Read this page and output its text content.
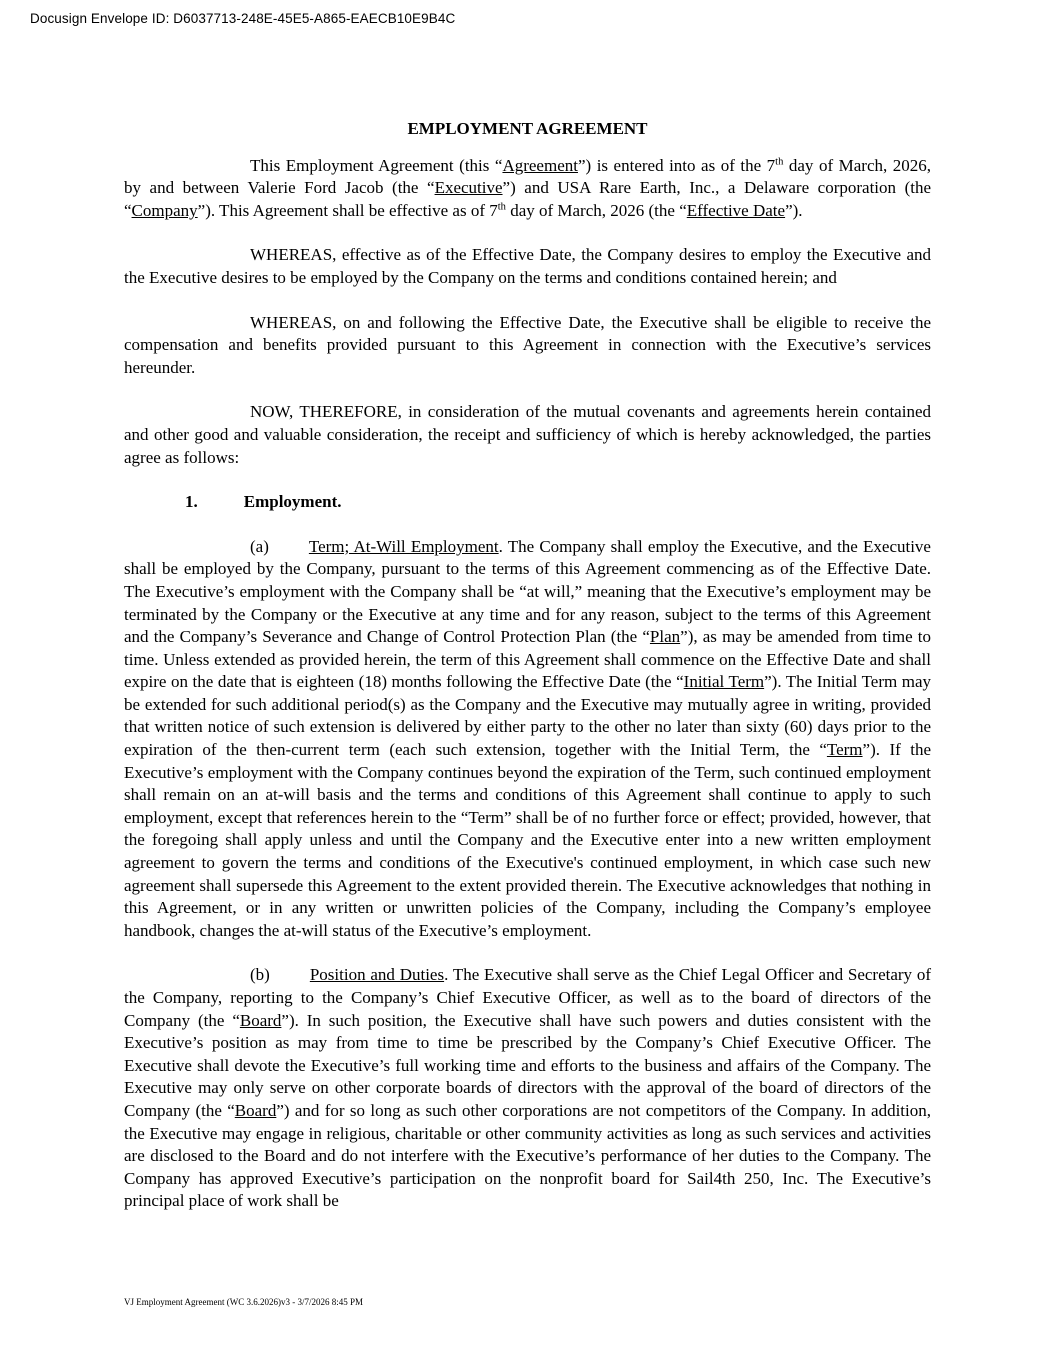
Docusign Envelope ID: D6037713-248E-45E5-A865-EAECB10E9B4C
EMPLOYMENT AGREEMENT

This Employment Agreement (this “Agreement”) is entered into as of the 7th day of March, 2026, by and between Valerie Ford Jacob (the “Executive”) and USA Rare Earth, Inc., a Delaware corporation (the “Company”). This Agreement shall be effective as of 7th day of March, 2026 (the “Effective Date”).

WHEREAS, effective as of the Effective Date, the Company desires to employ the Executive and the Executive desires to be employed by the Company on the terms and conditions contained herein; and

WHEREAS, on and following the Effective Date, the Executive shall be eligible to receive the compensation and benefits provided pursuant to this Agreement in connection with the Executive’s services hereunder.

NOW, THEREFORE, in consideration of the mutual covenants and agreements herein contained and other good and valuable consideration, the receipt and sufficiency of which is hereby acknowledged, the parties agree as follows:

1.	Employment.

(a) Term; At-Will Employment. The Company shall employ the Executive, and the Executive shall be employed by the Company, pursuant to the terms of this Agreement commencing as of the Effective Date. The Executive’s employment with the Company shall be “at will,” meaning that the Executive’s employment may be terminated by the Company or the Executive at any time and for any reason, subject to the terms of this Agreement and the Company’s Severance and Change of Control Protection Plan (the “Plan”), as may be amended from time to time. Unless extended as provided herein, the term of this Agreement shall commence on the Effective Date and shall expire on the date that is eighteen (18) months following the Effective Date (the “Initial Term”). The Initial Term may be extended for such additional period(s) as the Company and the Executive may mutually agree in writing, provided that written notice of such extension is delivered by either party to the other no later than sixty (60) days prior to the expiration of the then-current term (each such extension, together with the Initial Term, the “Term”). If the Executive’s employment with the Company continues beyond the expiration of the Term, such continued employment shall remain on an at-will basis and the terms and conditions of this Agreement shall continue to apply to such employment, except that references herein to the “Term” shall be of no further force or effect; provided, however, that the foregoing shall apply unless and until the Company and the Executive enter into a new written employment agreement to govern the terms and conditions of the Executive's continued employment, in which case such new agreement shall supersede this Agreement to the extent provided therein. The Executive acknowledges that nothing in this Agreement, or in any written or unwritten policies of the Company, including the Company’s employee handbook, changes the at-will status of the Executive’s employment.

(b) Position and Duties. The Executive shall serve as the Chief Legal Officer and Secretary of the Company, reporting to the Company’s Chief Executive Officer, as well as to the board of directors of the Company (the “Board”). In such position, the Executive shall have such powers and duties consistent with the Executive’s position as may from time to time be prescribed by the Company’s Chief Executive Officer. The Executive shall devote the Executive’s full working time and efforts to the business and affairs of the Company. The Executive may only serve on other corporate boards of directors with the approval of the board of directors of the Company (the “Board”) and for so long as such other corporations are not competitors of the Company. In addition, the Executive may engage in religious, charitable or other community activities as long as such services and activities are disclosed to the Board and do not interfere with the Executive’s performance of her duties to the Company. The Company has approved Executive’s participation on the nonprofit board for Sail4th 250, Inc. The Executive’s principal place of work shall be

VJ Employment Agreement (WC 3.6.2026)v3 - 3/7/2026 8:45 PM
